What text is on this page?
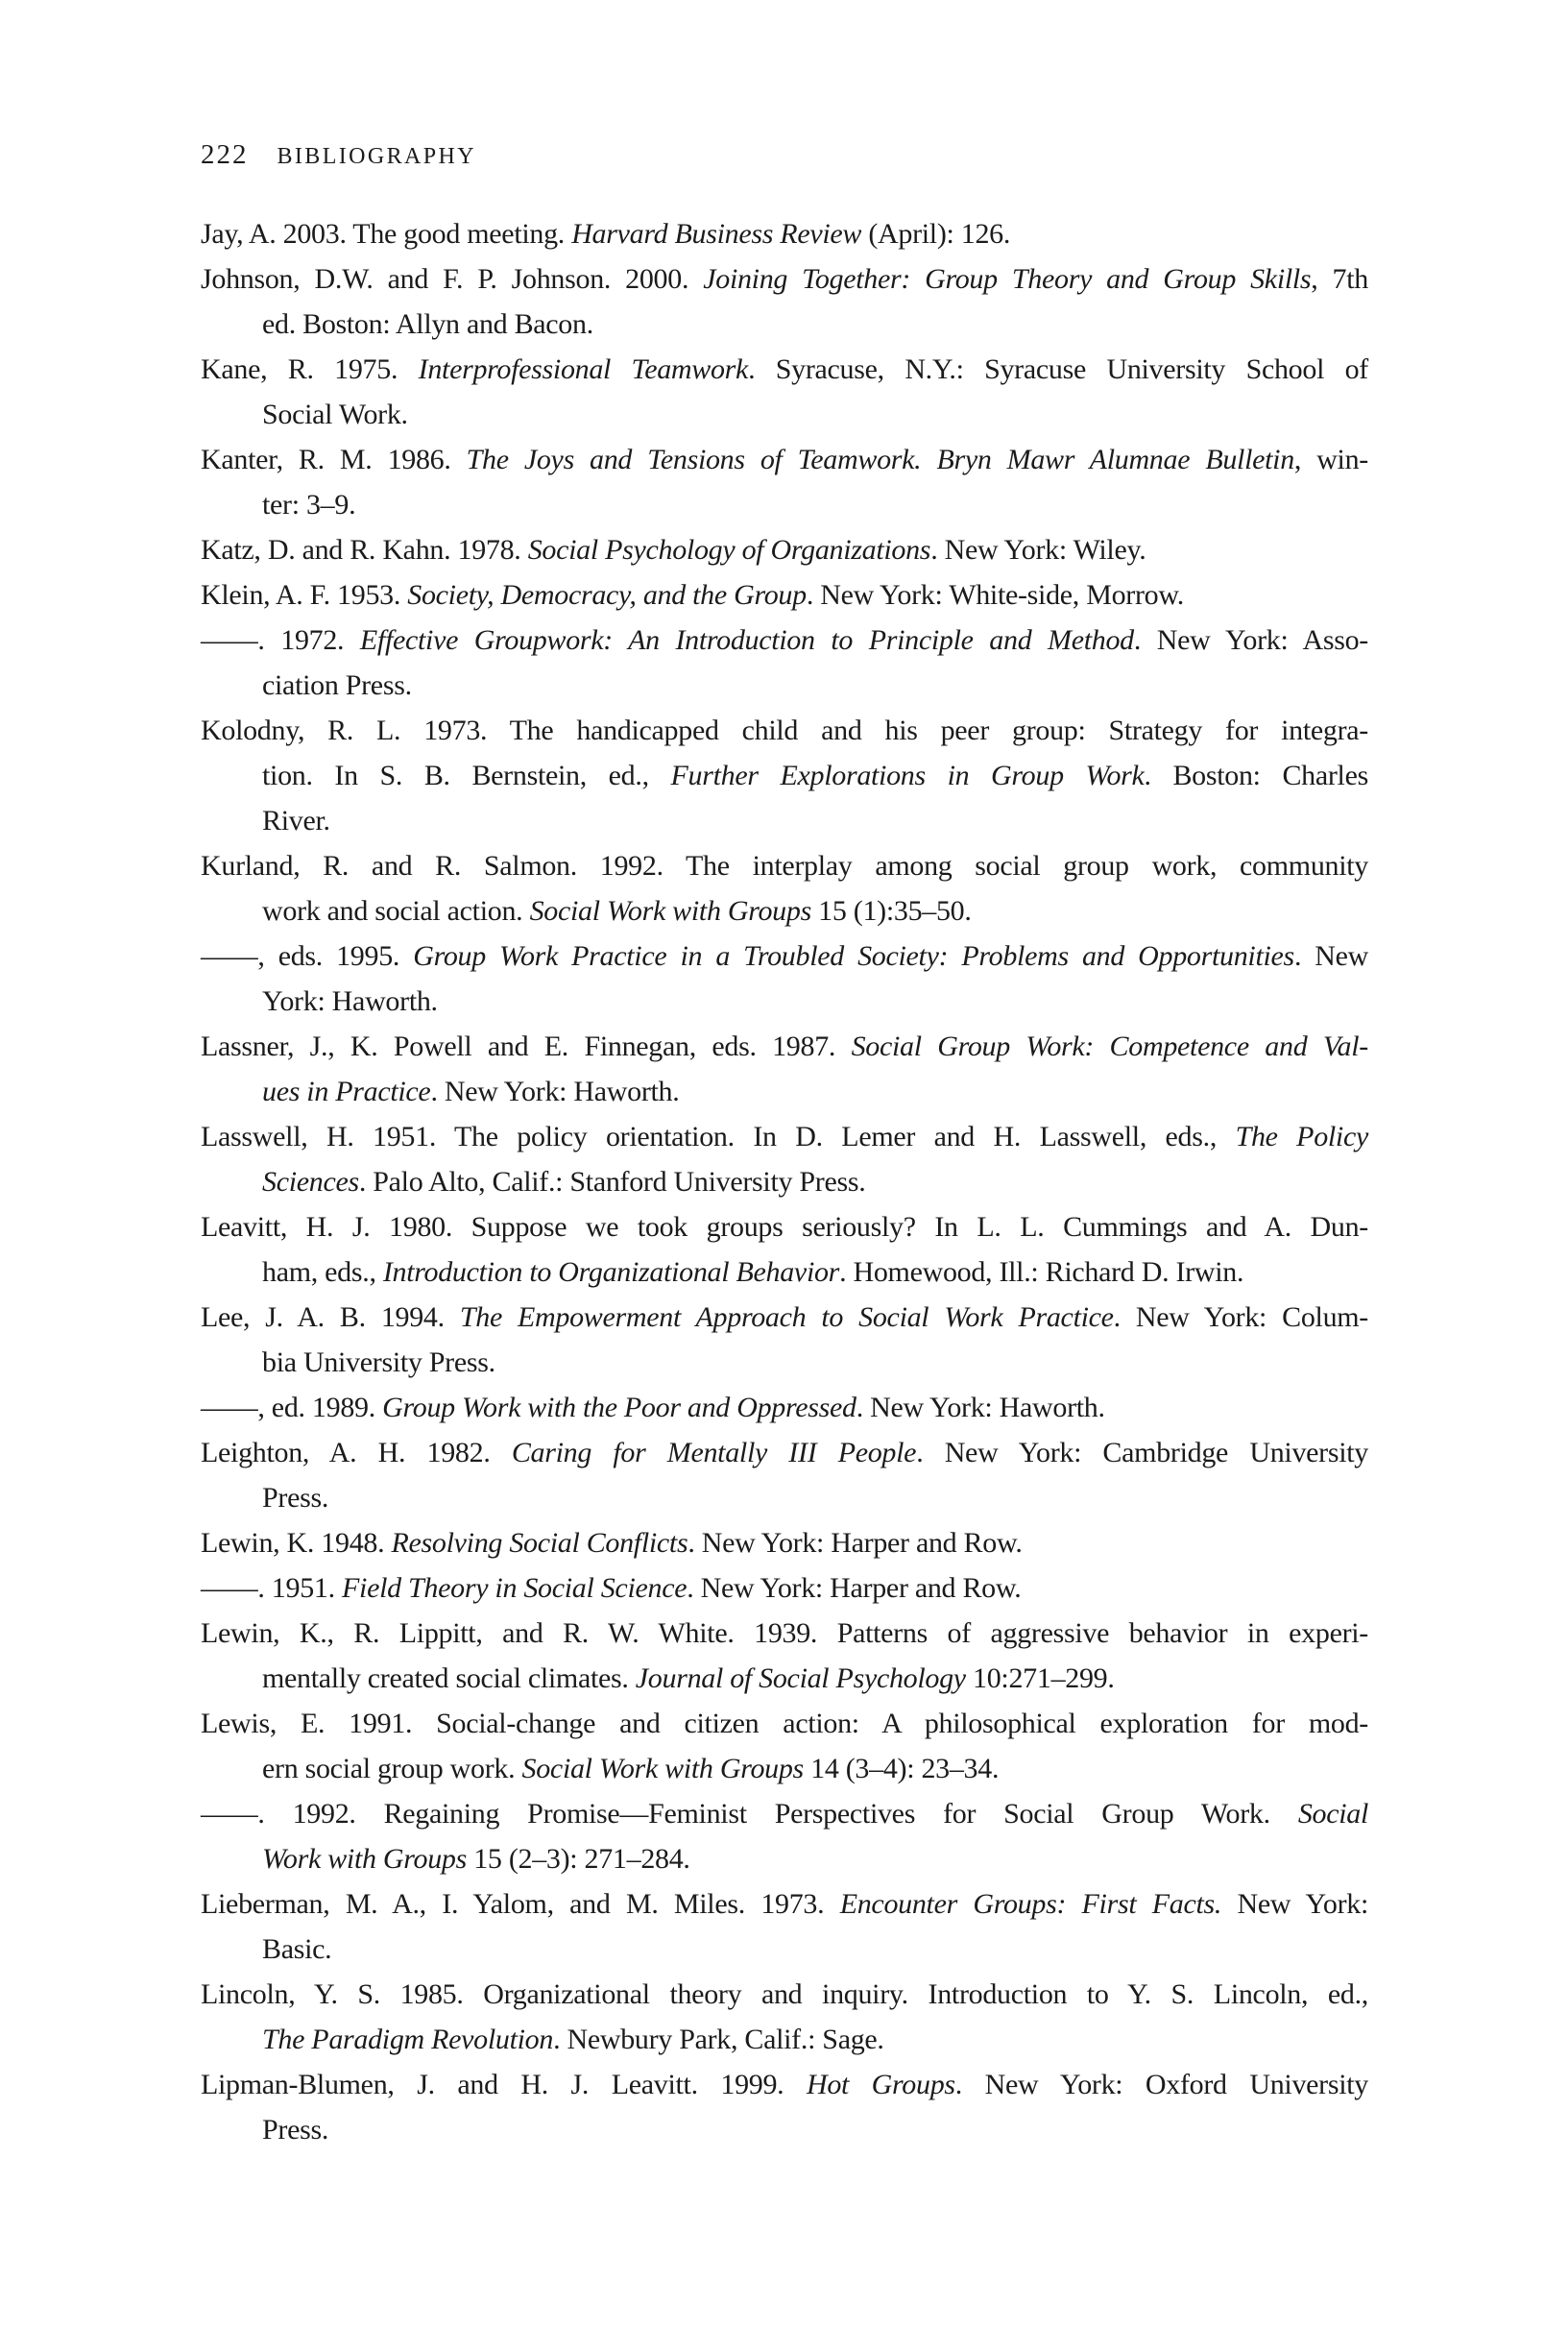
222 BIBLIOGRAPHY
Jay, A. 2003. The good meeting. Harvard Business Review (April): 126.
Johnson, D.W. and F. P. Johnson. 2000. Joining Together: Group Theory and Group Skills, 7th
ed. Boston: Allyn and Bacon.
Kane, R. 1975. Interprofessional Teamwork. Syracuse, N.Y.: Syracuse University School of
Social Work.
Kanter, R. M. 1986. The Joys and Tensions of Teamwork. Bryn Mawr Alumnae Bulletin, win-
ter: 3–9.
Katz, D. and R. Kahn. 1978. Social Psychology of Organizations. New York: Wiley.
Klein, A. F. 1953. Society, Democracy, and the Group. New York: White-side, Morrow.
——. 1972. Effective Groupwork: An Introduction to Principle and Method. New York: Asso-
ciation Press.
Kolodny, R. L. 1973. The handicapped child and his peer group: Strategy for integra-
tion. In S. B. Bernstein, ed., Further Explorations in Group Work. Boston: Charles
River.
Kurland, R. and R. Salmon. 1992. The interplay among social group work, community
work and social action. Social Work with Groups 15 (1):35–50.
——, eds. 1995. Group Work Practice in a Troubled Society: Problems and Opportunities. New
York: Haworth.
Lassner, J., K. Powell and E. Finnegan, eds. 1987. Social Group Work: Competence and Val-
ues in Practice. New York: Haworth.
Lasswell, H. 1951. The policy orientation. In D. Lemer and H. Lasswell, eds., The Policy
Sciences. Palo Alto, Calif.: Stanford University Press.
Leavitt, H. J. 1980. Suppose we took groups seriously? In L. L. Cummings and A. Dun-
ham, eds., Introduction to Organizational Behavior. Homewood, Ill.: Richard D. Irwin.
Lee, J. A. B. 1994. The Empowerment Approach to Social Work Practice. New York: Colum-
bia University Press.
——, ed. 1989. Group Work with the Poor and Oppressed. New York: Haworth.
Leighton, A. H. 1982. Caring for Mentally III People. New York: Cambridge University
Press.
Lewin, K. 1948. Resolving Social Conflicts. New York: Harper and Row.
——. 1951. Field Theory in Social Science. New York: Harper and Row.
Lewin, K., R. Lippitt, and R. W. White. 1939. Patterns of aggressive behavior in experi-
mentally created social climates. Journal of Social Psychology 10:271–299.
Lewis, E. 1991. Social-change and citizen action: A philosophical exploration for mod-
ern social group work. Social Work with Groups 14 (3–4): 23–34.
——. 1992. Regaining Promise—Feminist Perspectives for Social Group Work. Social
Work with Groups 15 (2–3): 271–284.
Lieberman, M. A., I. Yalom, and M. Miles. 1973. Encounter Groups: First Facts. New York:
Basic.
Lincoln, Y. S. 1985. Organizational theory and inquiry. Introduction to Y. S. Lincoln, ed.,
The Paradigm Revolution. Newbury Park, Calif.: Sage.
Lipman-Blumen, J. and H. J. Leavitt. 1999. Hot Groups. New York: Oxford University
Press.
